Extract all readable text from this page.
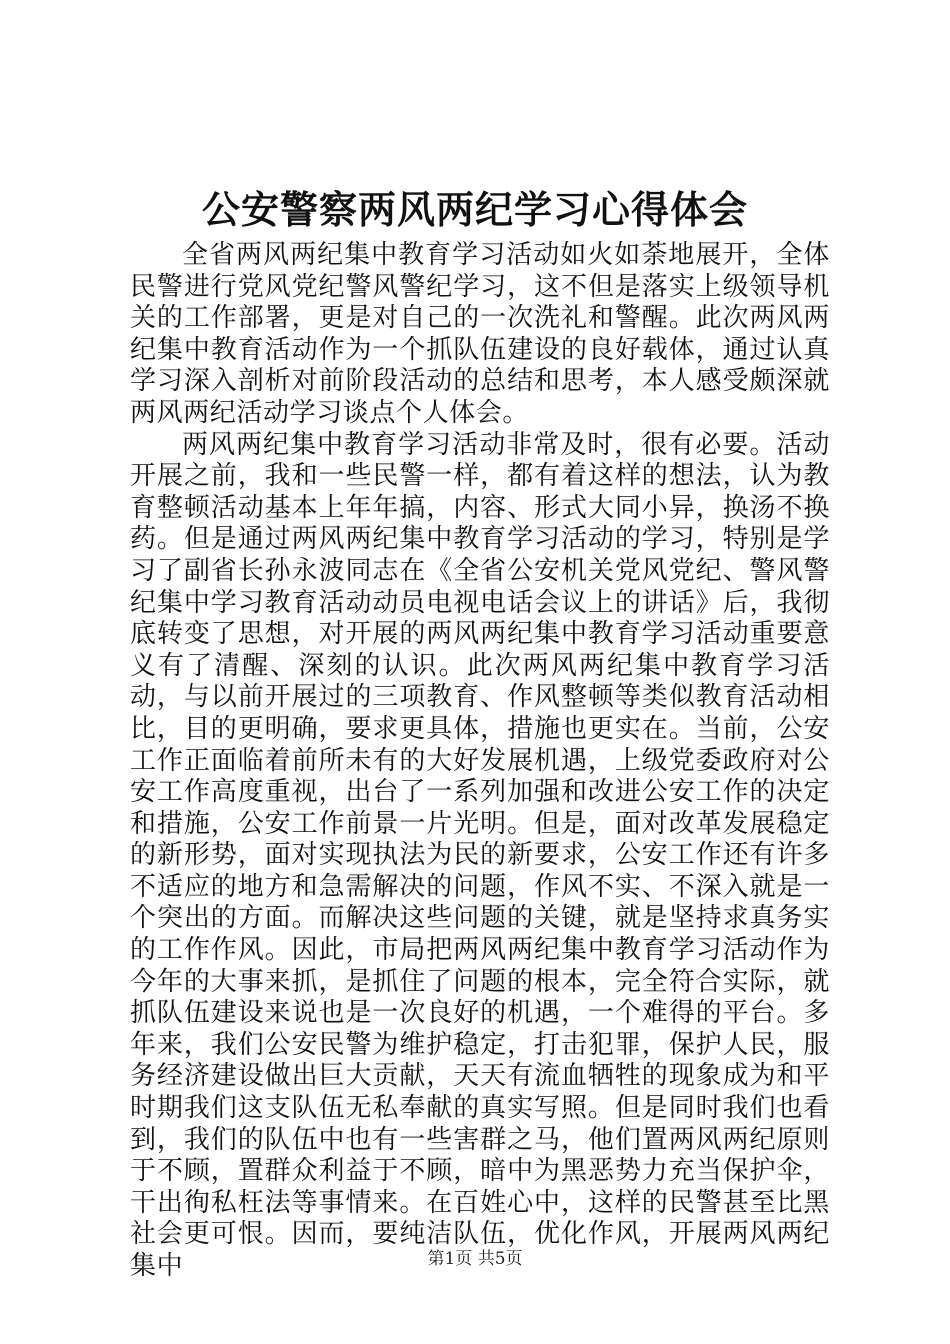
公安警察两风两纪学习心得体会

全省两风两纪集中教育学习活动如火如荼地展开，全体民警进行党风党纪警风警纪学习，这不但是落实上级领导机关的工作部署，更是对自己的一次洗礼和警醒。此次两风两纪集中教育活动作为一个抓队伍建设的良好载体，通过认真学习深入剖析对前阶段活动的总结和思考，本人感受颇深就两风两纪活动学习谈点个人体会。

两风两纪集中教育学习活动非常及时，很有必要。活动开展之前，我和一些民警一样，都有着这样的想法，认为教育整顿活动基本上年年搞，内容、形式大同小异，换汤不换药。但是通过两风两纪集中教育学习活动的学习，特别是学习了副省长孙永波同志在《全省公安机关党风党纪、警风警纪集中学习教育活动动员电视电话会议上的讲话》后，我彻底转变了思想，对开展的两风两纪集中教育学习活动重要意义有了清醒、深刻的认识。此次两风两纪集中教育学习活动，与以前开展过的三项教育、作风整顿等类似教育活动相比，目的更明确，要求更具体，措施也更实在。当前，公安工作正面临着前所未有的大好发展机遇，上级党委政府对公安工作高度重视，出台了一系列加强和改进公安工作的决定和措施，公安工作前景一片光明。但是，面对改革发展稳定的新形势，面对实现执法为民的新要求，公安工作还有许多不适应的地方和急需解决的问题，作风不实、不深入就是一个突出的方面。而解决这些问题的关键，就是坚持求真务实的工作作风。因此，市局把两风两纪集中教育学习活动作为今年的大事来抓，是抓住了问题的根本，完全符合实际，就抓队伍建设来说也是一次良好的机遇，一个难得的平台。多年来，我们公安民警为维护稳定，打击犯罪，保护人民，服务经济建设做出巨大贡献，天天有流血牺牲的现象成为和平时期我们这支队伍无私奉献的真实写照。但是同时我们也看到，我们的队伍中也有一些害群之马，他们置两风两纪原则于不顾，置群众利益于不顾，暗中为黑恶势力充当保护伞，干出徇私枉法等事情来。在百姓心中，这样的民警甚至比黑社会更可恨。因而，要纯洁队伍，优化作风，开展两风两纪集中	第1页 共5页
